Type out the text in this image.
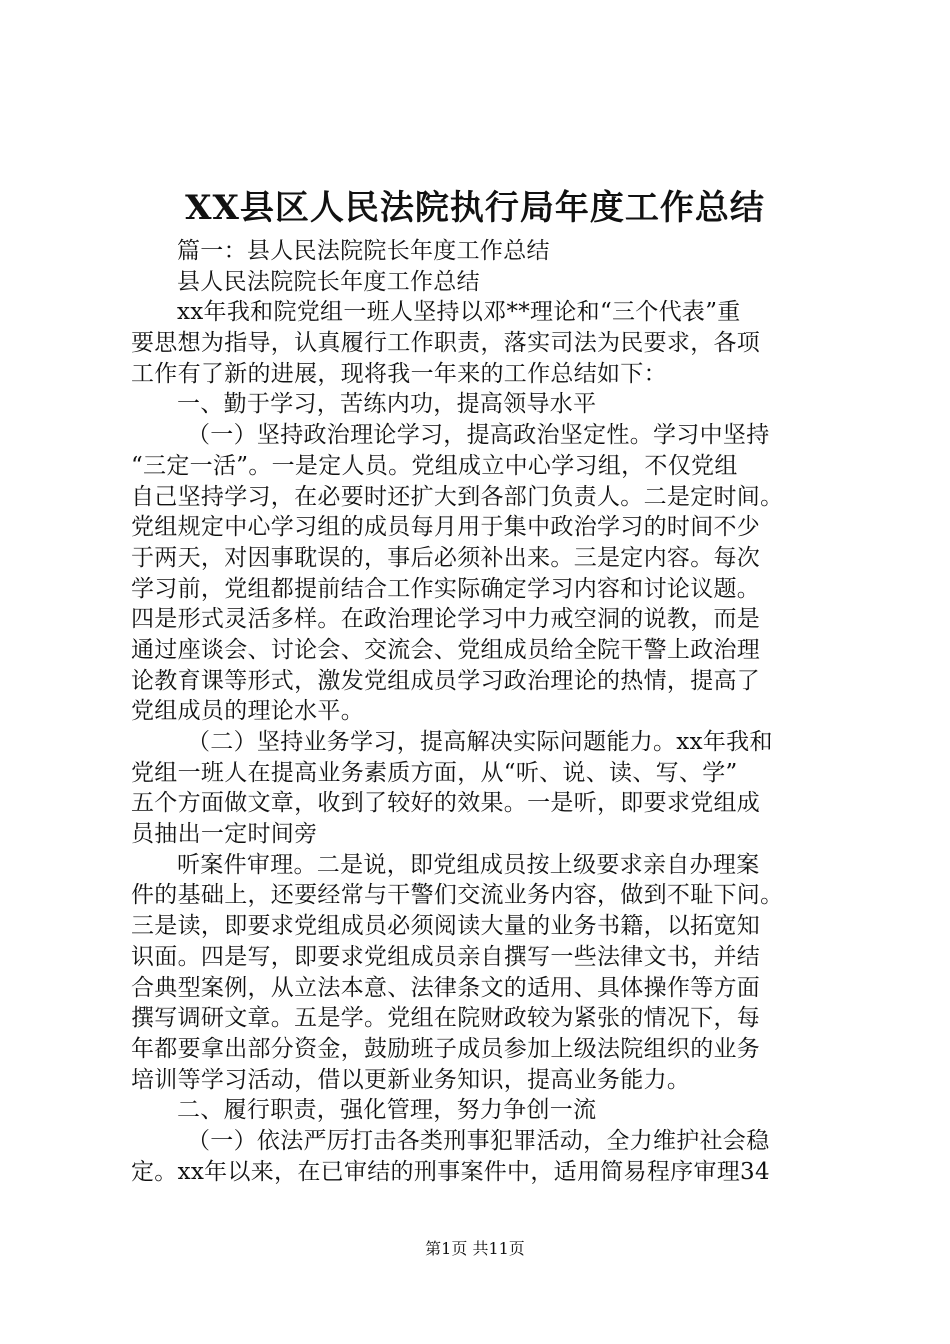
XX县区人民法院执行局年度工作总结
篇一：县人民法院院长年度工作总结
县人民法院院长年度工作总结
xx年我和院党组一班人坚持以邓**理论和“三个代表”重
要思想为指导，认真履行工作职责，落实司法为民要求，各项
工作有了新的进展，现将我一年来的工作总结如下：
一、勤于学习，苦练内功，提高领导水平
（一）坚持政治理论学习，提高政治坚定性。学习中坚持
“三定一活”。一是定人员。党组成立中心学习组，不仅党组
自己坚持学习，在必要时还扩大到各部门负责人。二是定时间。
党组规定中心学习组的成员每月用于集中政治学习的时间不少
于两天，对因事耽误的，事后必须补出来。三是定内容。每次
学习前，党组都提前结合工作实际确定学习内容和讨论议题。
四是形式灵活多样。在政治理论学习中力戒空洞的说教，而是
通过座谈会、讨论会、交流会、党组成员给全院干警上政治理
论教育课等形式，激发党组成员学习政治理论的热情，提高了
党组成员的理论水平。
（二）坚持业务学习，提高解决实际问题能力。xx年我和
党组一班人在提高业务素质方面，从“听、说、读、写、学”
五个方面做文章，收到了较好的效果。一是听，即要求党组成
员抽出一定时间旁
听案件审理。二是说，即党组成员按上级要求亲自办理案
件的基础上，还要经常与干警们交流业务内容，做到不耻下问。
三是读，即要求党组成员必须阅读大量的业务书籍，以拓宽知
识面。四是写，即要求党组成员亲自撰写一些法律文书，并结
合典型案例，从立法本意、法律条文的适用、具体操作等方面
撰写调研文章。五是学。党组在院财政较为紧张的情况下，每
年都要拿出部分资金，鼓励班子成员参加上级法院组织的业务
培训等学习活动，借以更新业务知识，提高业务能力。
二、履行职责，强化管理，努力争创一流
（一）依法严厉打击各类刑事犯罪活动，全力维护社会稳
定。xx年以来，在已审结的刑事案件中，适用简易程序审理34
第1页 共11页
